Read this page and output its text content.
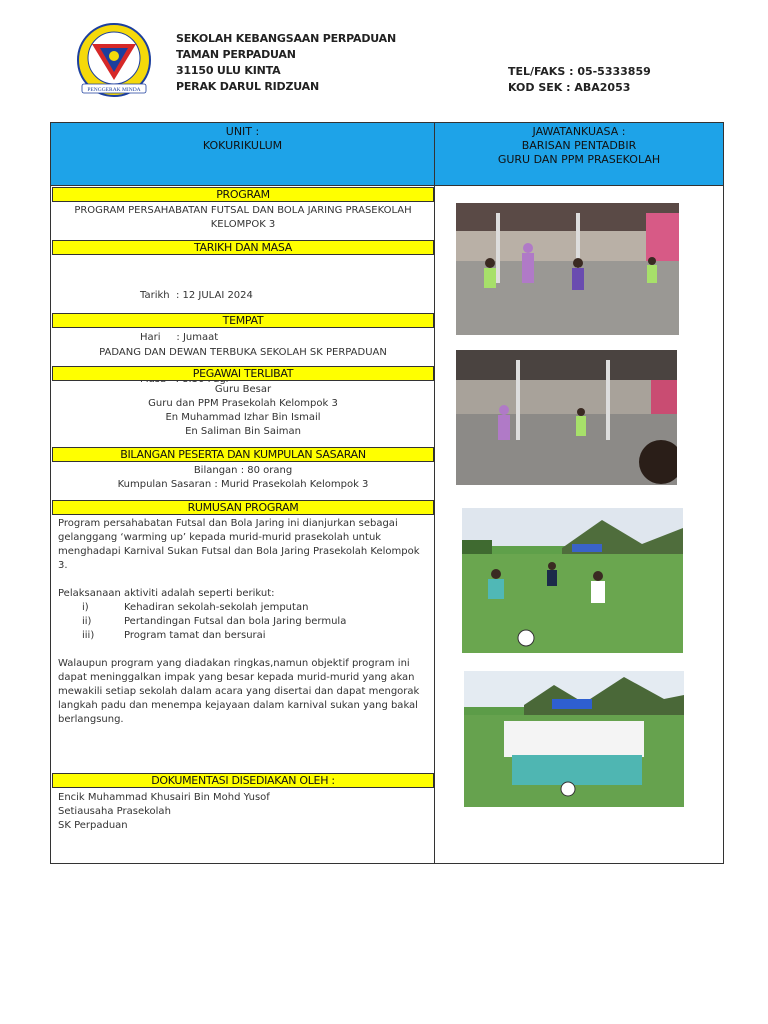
PENGGERAK MINDA
SEKOLAH KEBANGSAAN PERPADUAN
TAMAN PERPADUAN
31150 ULU KINTA
PERAK DARUL RIDZUAN
TEL/FAKS : 05-5333859
KOD SEK : ABA2053
UNIT :
KOKURIKULUM
JAWATANKUASA :
BARISAN PENTADBIR
GURU DAN PPM PRASEKOLAH
PROGRAM
PROGRAM PERSAHABATAN FUTSAL DAN BOLA JARING PRASEKOLAH
KELOMPOK 3
TARIKH DAN MASA

Tarikh  : 12 JULAI 2024

Hari     : Jumaat

TEMPAT
PADANG DAN DEWAN TERBUKA SEKOLAH SK PERPADUAN
PEGAWAI TERLIBAT
Guru Besar
Guru dan PPM Prasekolah Kelompok 3
En Muhammad Izhar Bin Ismail
En Saliman Bin Saiman
BILANGAN PESERTA DAN KUMPULAN SASARAN
Bilangan : 80 orang
Kumpulan Sasaran : Murid Prasekolah Kelompok 3
RUMUSAN PROGRAM
Program persahabatan Futsal dan Bola Jaring ini dianjurkan sebagai gelanggang ‘warming up’ kepada murid-murid prasekolah untuk menghadapi Karnival Sukan Futsal dan Bola Jaring Prasekolah Kelompok 3.
Pelaksanaan aktiviti adalah seperti berikut:
i)	Kehadiran sekolah-sekolah jemputan
ii)	Pertandingan Futsal dan bola Jaring bermula
iii)	Program tamat dan bersurai
Walaupun program yang diadakan ringkas,namun objektif program ini dapat meninggalkan impak yang besar kepada murid-murid yang akan mewakili setiap sekolah dalam acara yang disertai dan dapat mengorak langkah padu dan menempa kejayaan dalam karnival sukan yang bakal berlangsung.
DOKUMENTASI DISEDIAKAN OLEH :
Encik Muhammad Khusairi Bin Mohd Yusof
Setiausaha Prasekolah
SK Perpaduan
